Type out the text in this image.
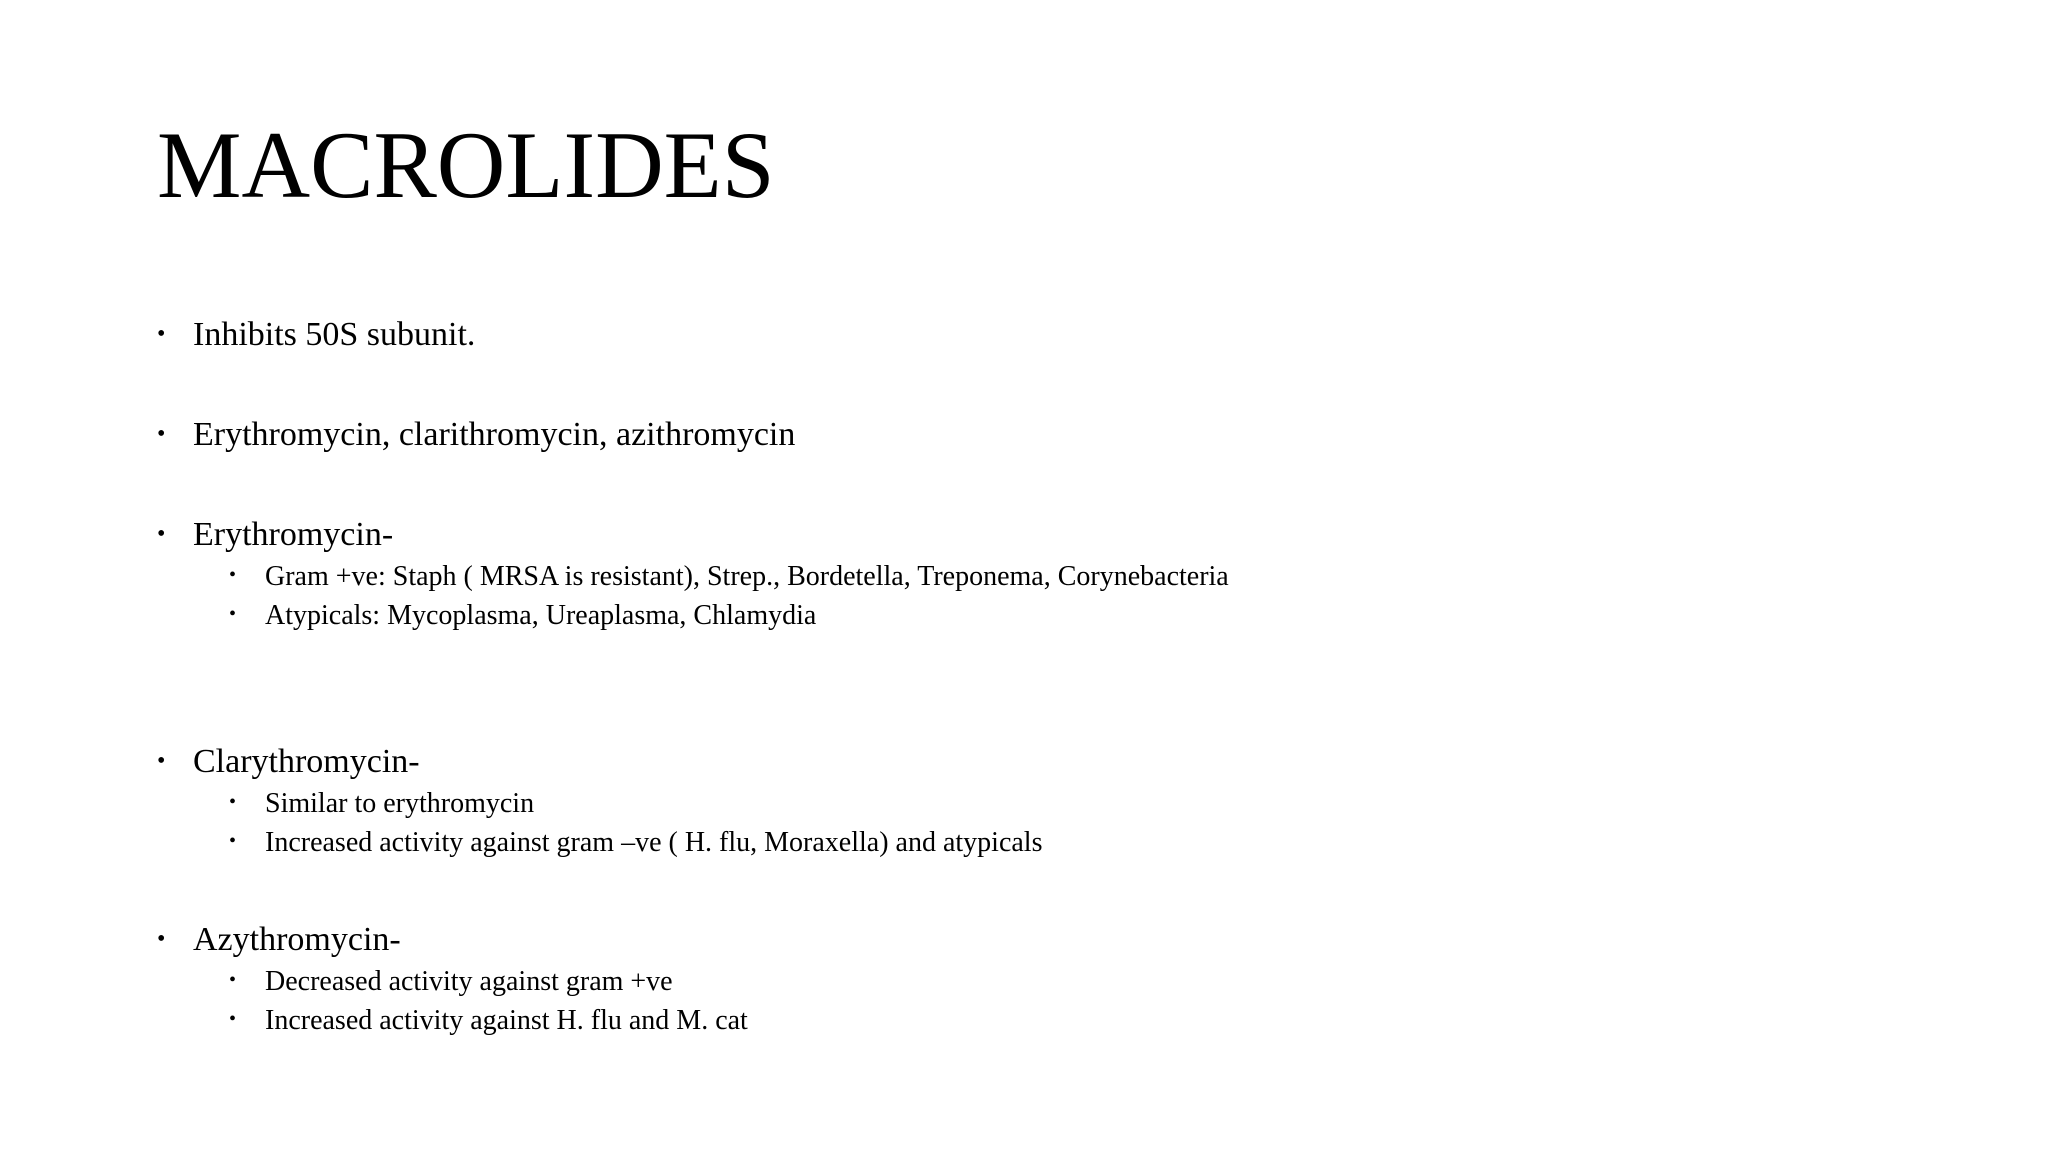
MACROLIDES
• Inhibits 50S subunit.
• Erythromycin, clarithromycin, azithromycin
• Erythromycin-
• Gram +ve: Staph ( MRSA is resistant), Strep., Bordetella, Treponema, Corynebacteria
• Atypicals: Mycoplasma, Ureaplasma, Chlamydia
• Clarythromycin-
• Similar to erythromycin
• Increased activity against gram –ve ( H. flu, Moraxella) and atypicals
• Azythromycin-
• Decreased activity against gram +ve
• Increased activity against H. flu and M. cat
